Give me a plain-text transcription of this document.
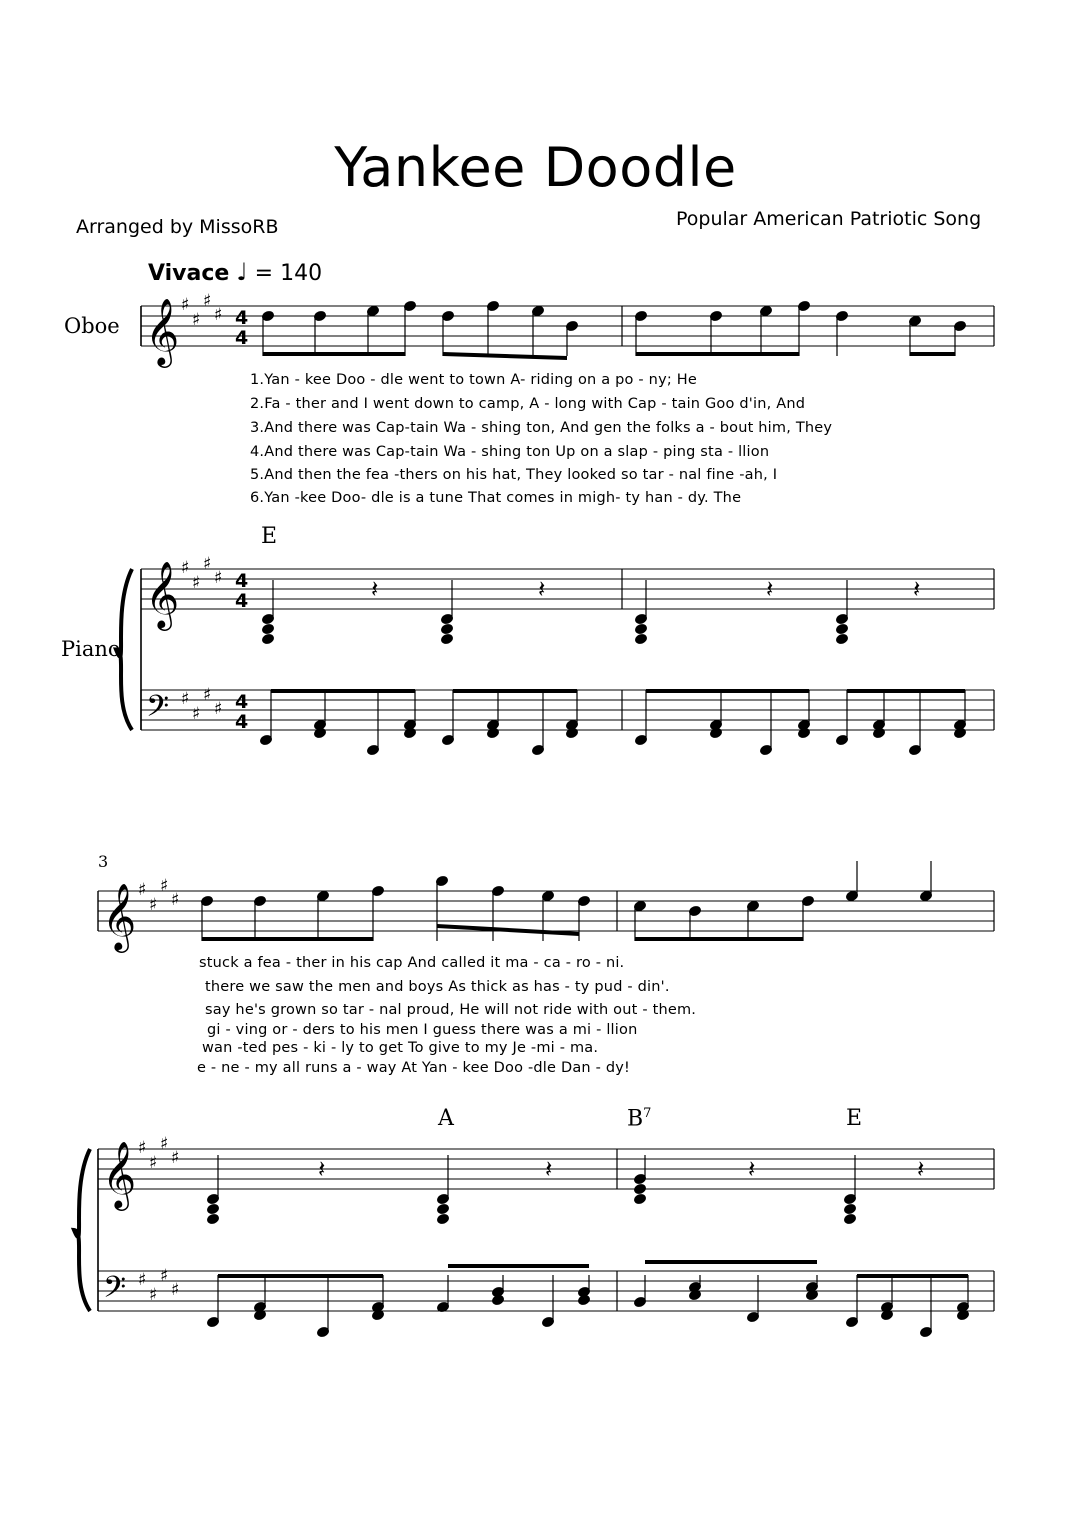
Yankee Doodle
Arranged by MissoRB	Popular American Patriotic Song
Vivace ♩ = 140
Oboe
Piano
E
A	$B^7$	E
3
1.Yan - kee Doo - dle went to town A- riding on a po - ny; He
2.Fa - ther and I went down to camp, A - long with Cap - tain Goo d'in, And
3.And there was Cap-tain Wa - shing ton, And gen the folks a - bout him, They
4.And there was Cap-tain Wa - shing ton Up on a slap - ping sta - llion
5.And then the fea -thers on his hat, They looked so tar - nal fine -ah, I
6.Yan -kee Doo- dle is a tune That comes in migh- ty han - dy. The
stuck a fea - ther in his cap And called it ma - ca - ro - ni.
there we saw the men and boys As thick as has - ty pud - din'.
say he's grown so tar - nal proud, He will not ride with out - them.
gi - ving or - ders to his men I guess there was a mi - llion
wan -ted pes - ki - ly to get To give to my Je -mi - ma.
e - ne - my all runs a - way At Yan - kee Doo -dle Dan - dy!
𝄞 ♯
♯
♯
♯ 4
4
𝄞 ♯
♯
♯
♯ 4
4
𝄢 ♯
♯
♯
♯ 4
4
𝄽	𝄽	𝄽	𝄽
𝄞 ♯
♯
♯
♯
𝄞 ♯
♯
♯
♯
𝄢 ♯
♯
♯
♯
𝄽	𝄽	𝄽	𝄽
